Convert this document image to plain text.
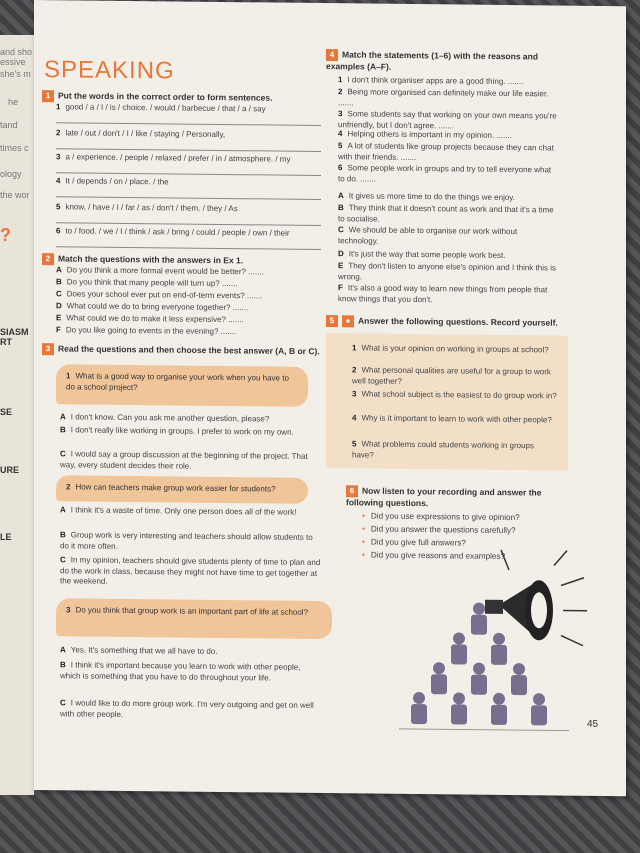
and sho
essive
she's m
he
tand
times c
ology
the wor
?
SIASM
RT
SE
URE
LE
SPEAKING
1 Put the words in the correct order to form sentences.
2 Match the questions with the answers in Ex 1.
3 Read the questions and then choose the best answer (A, B or C).
1 What is a good way to organise your work when you have to do a school project?
2 How can teachers make group work easier for students?
3 Do you think that group work is an important part of life at school?
4 Match the statements (1–6) with the reasons and examples (A–F).
5 ● Answer the following questions. Record yourself.
6 Now listen to your recording and answer the following questions.
45
1 good / a / I / is / choice. / would / barbecue / that / a / say
2 late / out / don't / I / like / staying / Personally,
3 a / experience. / people / relaxed / prefer / in / atmosphere. / my
4 It / depends / on / place. / the
5 know, / have / I / far / as / don't / them. / they / As
6 to / food. / we / I / think / ask / bring / could / people / own / their
A Do you think a more formal event would be better? .......
B Do you think that many people will turn up? .......
C Does your school ever put on end-of-term events? .......
D What could we do to bring everyone together? .......
E What could we do to make it less expensive? .......
F Do you like going to events in the evening? .......
A I don't know. Can you ask me another question, please?
B I don't really like working in groups. I prefer to work on my own.
C I would say a group discussion at the beginning of the project. That way, every student decides their role.
A I think it's a waste of time. Only one person does all of the work!
B Group work is very interesting and teachers should allow students to do it more often.
C In my opinion, teachers should give students plenty of time to plan and do the work in class, because they might not have time to get together at the weekend.
A Yes. It's something that we all have to do.
B I think it's important because you learn to work with other people, which is something that you have to do throughout your life.
C I would like to do more group work. I'm very outgoing and get on well with other people.
1 I don't think organiser apps are a good thing. .......
2 Being more organised can definitely make our life easier. .......
3 Some students say that working on your own means you're unfriendly, but I don't agree. .......
4 Helping others is important in my opinion. .......
5 A lot of students like group projects because they can chat with their friends. .......
6 Some people work in groups and try to tell everyone what to do. .......
A It gives us more time to do the things we enjoy.
B They think that it doesn't count as work and that it's a time to socialise.
C We should be able to organise our work without technology.
D It's just the way that some people work best.
E They don't listen to anyone else's opinion and I think this is wrong.
F It's also a good way to learn new things from people that know things that you don't.
1 What is your opinion on working in groups at school?
2 What personal qualities are useful for a group to work well together?
3 What school subject is the easiest to do group work in?
4 Why is it important to learn to work with other people?
5 What problems could students working in groups have?
• Did you use expressions to give opinion?
• Did you answer the questions carefully?
• Did you give full answers?
• Did you give reasons and examples?
